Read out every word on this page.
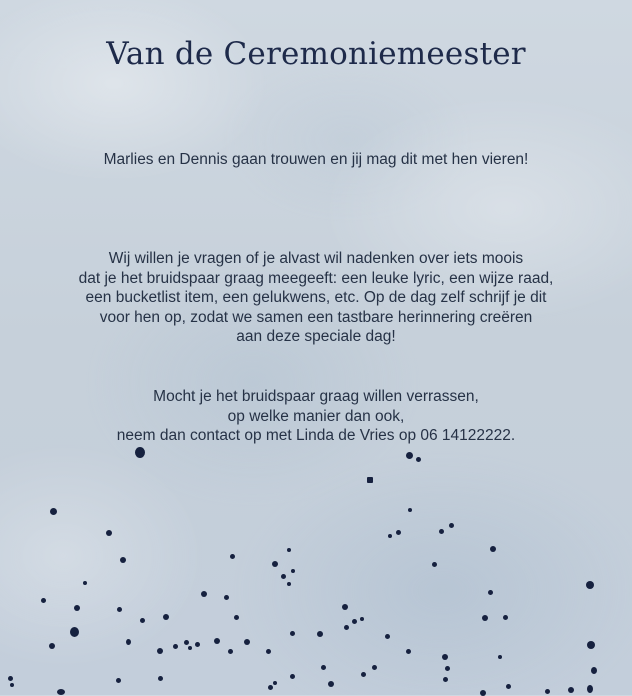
Van de Ceremoniemeester
Marlies en Dennis gaan trouwen en jij mag dit met hen vieren!
Wij willen je vragen of je alvast wil nadenken over iets moois
dat je het bruidspaar graag meegeeft: een leuke lyric, een wijze raad,
een bucketlist item, een gelukwens, etc. Op de dag zelf schrijf je dit
voor hen op, zodat we samen een tastbare herinnering creëren
aan deze speciale dag!
Mocht je het bruidspaar graag willen verrassen,
op welke manier dan ook,
neem dan contact op met Linda de Vries op 06 14122222.
